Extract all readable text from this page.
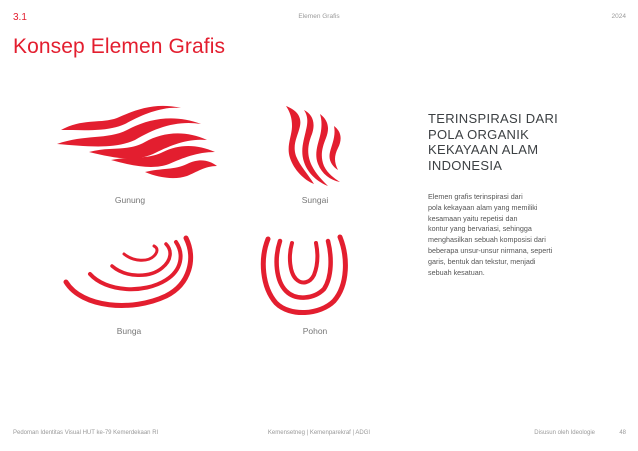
3.1	Elemen Grafis	2024
Konsep Elemen Grafis
Gunung	Sungai
Bunga	Pohon
TERINSPIRASI DARI
POLA ORGANIK
KEKAYAAN ALAM
INDONESIA
Elemen grafis terinspirasi dari
pola kekayaan alam yang memiliki
kesamaan yaitu repetisi dan
kontur yang bervariasi, sehingga
menghasilkan sebuah komposisi dari
beberapa unsur-unsur nirmana, seperti
garis, bentuk dan tekstur, menjadi
sebuah kesatuan.
Pedoman Identitas Visual HUT ke-79 Kemerdekaan RI	Kemensetneg | Kemenparekraf | ADGI	Disusun oleh Ideologie	48
